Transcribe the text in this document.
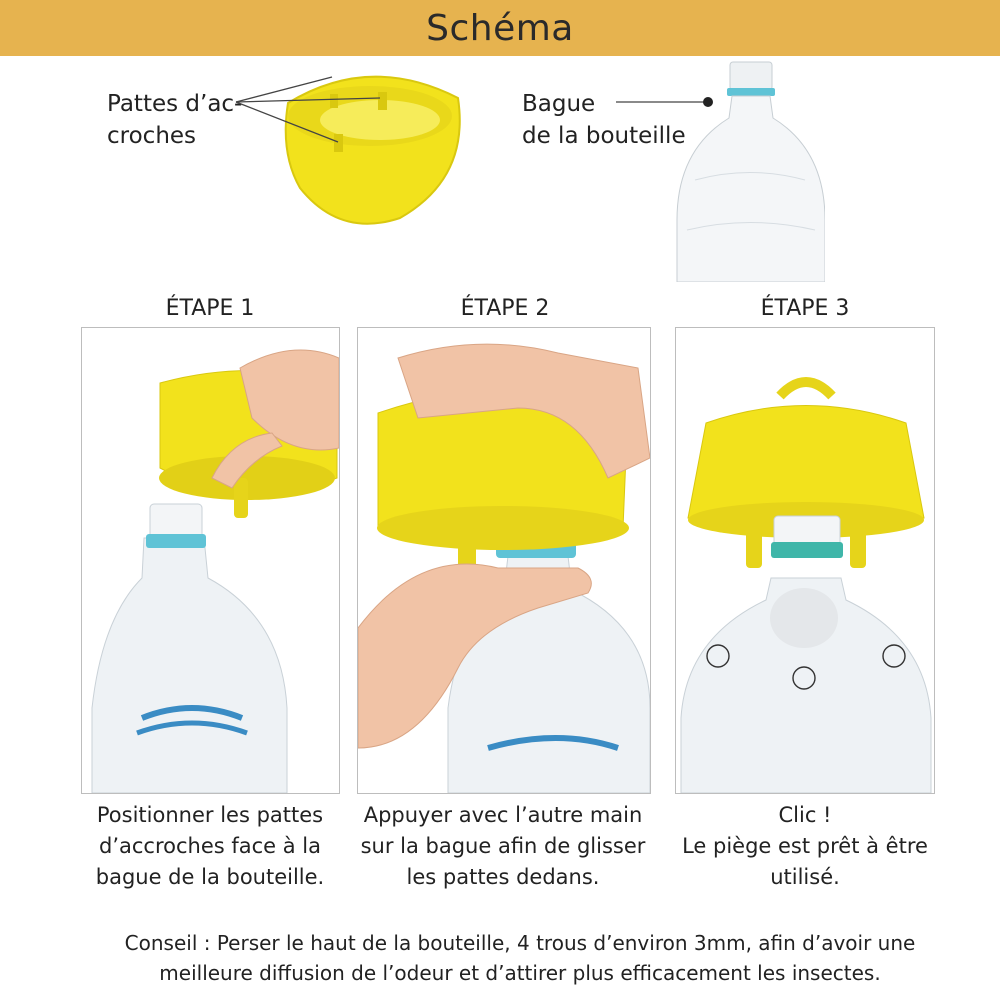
Schéma
Pattes d’ac-
croches
Bague
de la bouteille
ÉTAPE 1	ÉTAPE 2	ÉTAPE 3
Positionner les pattes
d’accroches face à la
bague de la bouteille.
Appuyer avec l’autre main
sur la bague afin de glisser
les pattes dedans.
Clic !
Le piège est prêt à être
utilisé.
Conseil : Perser le haut de la bouteille, 4 trous d’environ 3mm, afin d’avoir une
meilleure diffusion de l’odeur et d’attirer plus efficacement les insectes.
